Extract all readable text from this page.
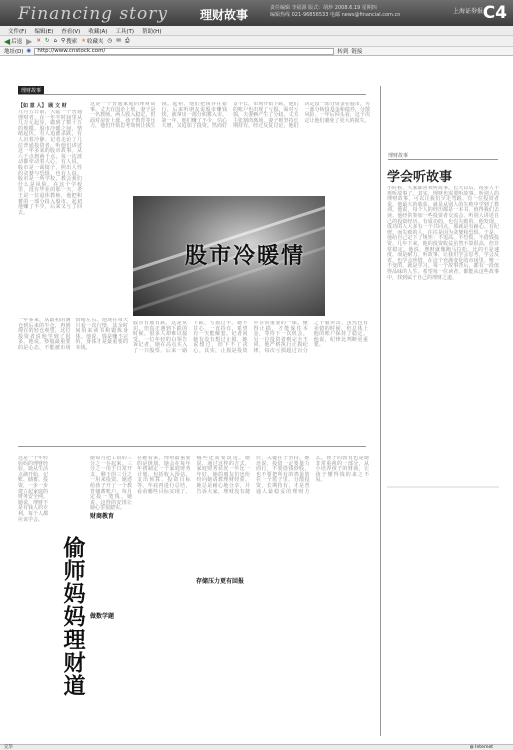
Financing story	理财故事	责任编辑 李福源 版式：胡珍 2008.6.19 星期四
编辑热线 021-96856533 电邮 news@financial.com.cn	上海证券报 C4
文件(F) 编辑(E) 查看(V) 收藏(A) 工具(T) 帮助(H)
◀ 后退 ▶ ✕ ↻ ⌂ ⚲ 搜索 ★ 收藏夹 ◷ ✉ ⎙
地址(D) ◉	http://www.cnstock.com/	转到 链接
理财故事
【如 意 人】 顾 文 财
九月五日前，大陆一个普通理财者，在一年半时间里从几万元起步，做到了数十万的规模。股市冷暖之间，情绪起伏，有人追涨杀跌，有人沉着冷静。记者走访了几位普通投资者，听他们讲述这一年多来的股市故事。从六千点到两千点，每一次波动都牵动着人心。有人说，股市是一面镜子，照出人性的贪婪与恐惧。也有人说，股市是一所学校，教会我们什么是风险。在这个学校里，没有毕业的那一天。老王是一位退休教师，他把积蓄的一部分投入股市。起初他赚了不少，后来又亏了回去。
股市冷暖情
这是一个普通家庭的理财故事。丈夫在国企上班，妻子是一名教师。两人收入稳定，但面对房价上涨、孩子教育等压力，他们开始思考如何让钱生钱。起初，他们把钱存在银行，后来听朋友说股市赚钱快，就拿出一部分积蓄入市。第一年，他们赚了不少，信心大增，又追加了投资。然而好景不长，市场开始下跌，他们的账户也出现了亏损。面对亏损，夫妻俩产生了分歧。丈夫主张割肉离场，妻子则坚持长期持有。经过反复讨论，他们决定留一部分资金在股市，另一部分转投基金和债券，分散风险。一年后回头看，这个决定让他们避免了更大的损失。
一年多来，从最初的满仓到后来的半仓，再到现在的轻仓观望，这位投资者说他学到了很多。他说，炒股最重要的是心态，不能被市场情绪左右。他现在每天只看一次行情，其余时间用来读书和锻炼身体。他说，钱是赚不完的，身体才是最重要的本钱。
股市有涨有跌，这是常识。但真正遇到下跌的时候，很多人却难以接受。一位年轻的白领告诉记者，她在高点买入了一只股票，后来一路下跌，亏损过半。她不甘心，一直持有，希望有一天能解套。记者问她有没有想过止损，她说想过，但下不了决心。其实，止损是投资中非常重要的一课。懂得止损，才能保住本金，等待下一次机会。另一位投资者则完全不同，他严格执行止损纪律，每次亏损超过百分之十就卖出。虽然也有卖错的时候，但总体上他的账户保持了稳定。他说，纪律比判断更重要。
偷师妈妈理财道
这是一个年轻妈妈的理财经验。她从生活点滴开始，记账、储蓄、投资，一步一步建立起家庭的财务安全网。她说，理财不是有钱人的专利，每个人都应该学会。
她每月把工资的三分之一存起来，三分之一用于日常开支，剩下的三分之一用来投资。她还给孩子开了一个教育储蓄账户，每月定投一笔钱。她说，这样的安排让她心里很踏实。
财商教育
做数学题
在她看来，理财最重要的是规划。她会在每年年初制定一个家庭财务计划，包括收入预估、支出预算、投资目标等。年底再进行总结，看看哪些目标实现了，哪些还需要改进。她说，通过这样的方式，家庭财务状况一年比一年好。她的朋友们也纷纷向她请教理财经验。她总是耐心地分享，并告诉大家，理财没有捷径，关键在于坚持。她还说，投资一定要量力而行，不要借钱炒股，也不要把所有的鸡蛋放在一个篮子里。分散投资，长期持有，才是普通人最稳妥的理财方式。孩子的教育也是她非常重视的一部分，从小培养孩子的财商，让孩子懂得钱的来之不易。
存储压力更有回报
理财故事
学会听故事
小时候，大家都喜欢听故事。长大以后，很多人不再听故事了。其实，理财也需要听故事。听别人的理财故事，可以让我们少走弯路。有一位投资者说，他最大的收获，就是从别人的失败中学到了教训。他说，每个人的经历都是一本书，值得我们去读。他经常参加一些投资者交流会，听别人讲述自己的投资经历。有成功的，也有失败的。他发现，成功的人大多有一个共同点，那就是有耐心、有纪律。而失败的人，往往是因为贪婪和恐惧。于是，他给自己定下了规矩：不追高、不恐慌、不借钱投资。几年下来，他的投资收益虽然不算很高，但非常稳定。他说，理财就像跑马拉松，比的不是速度，而是耐力。听故事，让我们学会思考，学会反省，也学会珍惜。在这个充满变化的市场里，唯一不变的，就是学习。每一个故事背后，都有一段值得品味的人生。希望每一位读者，都能从这些故事中，找到属于自己的理财之道。
完毕	◍ Internet
